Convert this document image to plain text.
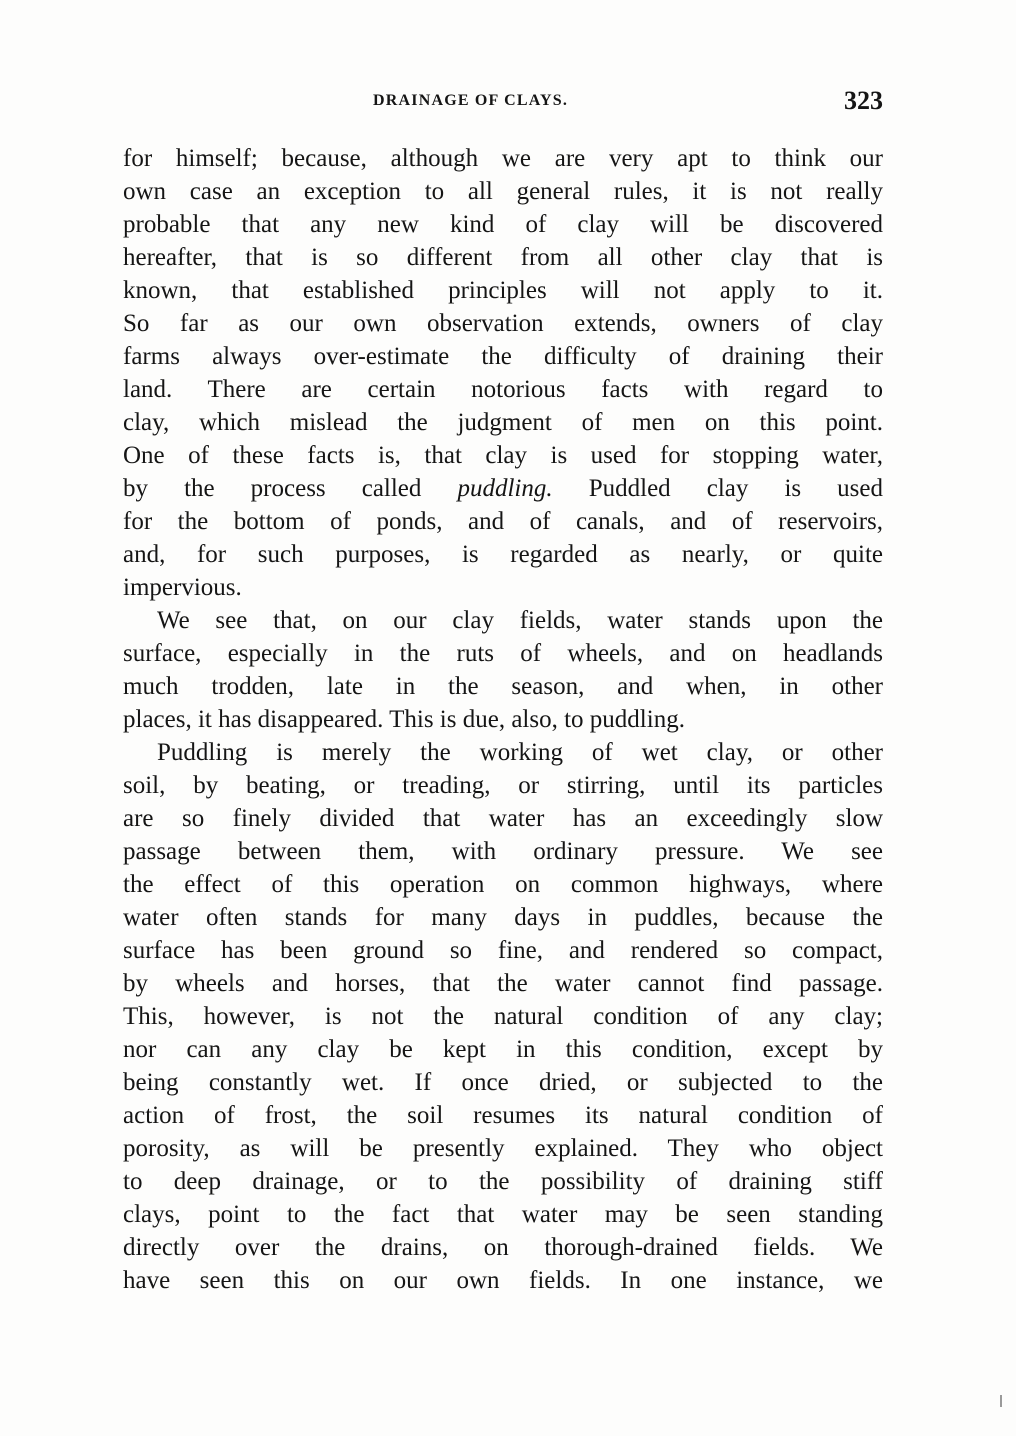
DRAINAGE OF CLAYS.	323
for himself; because, although we are very apt to think our
own case an exception to all general rules, it is not really
probable that any new kind of clay will be discovered
hereafter, that is so different from all other clay that is
known, that established principles will not apply to it.
So far as our own observation extends, owners of clay
farms always over-estimate the difficulty of draining their
land. There are certain notorious facts with regard to
clay, which mislead the judgment of men on this point.
One of these facts is, that clay is used for stopping water,
by the process called puddling. Puddled clay is used
for the bottom of ponds, and of canals, and of reservoirs,
and, for such purposes, is regarded as nearly, or quite
impervious.
We see that, on our clay fields, water stands upon the
surface, especially in the ruts of wheels, and on headlands
much trodden, late in the season, and when, in other
places, it has disappeared. This is due, also, to puddling.
Puddling is merely the working of wet clay, or other
soil, by beating, or treading, or stirring, until its particles
are so finely divided that water has an exceedingly slow
passage between them, with ordinary pressure. We see
the effect of this operation on common highways, where
water often stands for many days in puddles, because the
surface has been ground so fine, and rendered so compact,
by wheels and horses, that the water cannot find passage.
This, however, is not the natural condition of any clay;
nor can any clay be kept in this condition, except by
being constantly wet. If once dried, or subjected to the
action of frost, the soil resumes its natural condition of
porosity, as will be presently explained. They who object
to deep drainage, or to the possibility of draining stiff
clays, point to the fact that water may be seen standing
directly over the drains, on thorough-drained fields. We
have seen this on our own fields. In one instance, we
